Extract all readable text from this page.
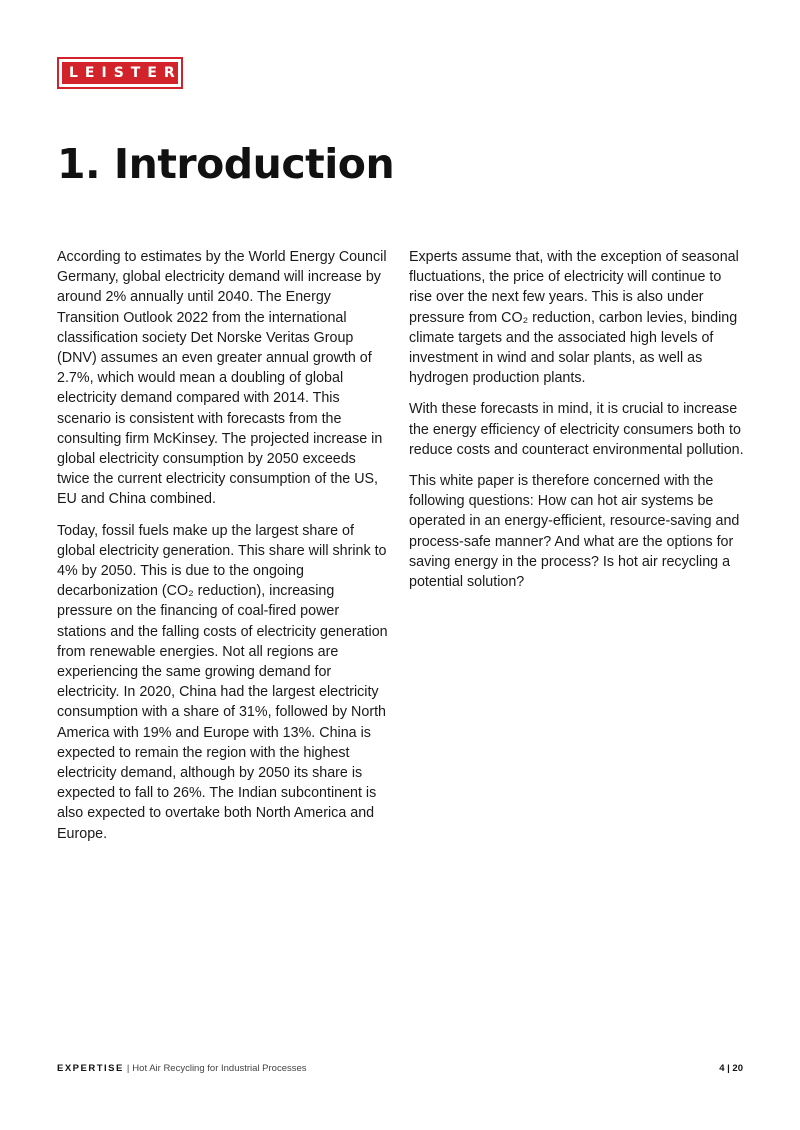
LEISTER
1. Introduction

According to estimates by the World Energy Council Germany, global electricity demand will increase by around 2% annually until 2040. The Energy Transition Outlook 2022 from the international classification society Det Norske Veritas Group (DNV) assumes an even greater annual growth of 2.7%, which would mean a doubling of global electricity demand compared with 2014. This scenario is consistent with forecasts from the consulting firm McKinsey. The projected increase in global electricity consumption by 2050 exceeds twice the current electricity consumption of the US, EU and China combined.

Today, fossil fuels make up the largest share of global electricity generation. This share will shrink to 4% by 2050. This is due to the ongoing decarbonization (CO₂ reduction), increasing pressure on the financing of coal-fired power stations and the falling costs of electricity generation from renewable energies. Not all regions are experiencing the same growing demand for electricity. In 2020, China had the largest electricity consumption with a share of 31%, followed by North America with 19% and Europe with 13%. China is expected to remain the region with the highest electricity demand, although by 2050 its share is expected to fall to 26%. The Indian subcontinent is also expected to overtake both North America and Europe.

Experts assume that, with the exception of seasonal fluctuations, the price of electricity will continue to rise over the next few years. This is also under pressure from CO₂ reduction, carbon levies, binding climate targets and the associated high levels of investment in wind and solar plants, as well as hydrogen production plants.

With these forecasts in mind, it is crucial to increase the energy efficiency of electricity consumers both to reduce costs and counteract environmental pollution.

This white paper is therefore concerned with the following questions: How can hot air systems be operated in an energy-efficient, resource-saving and process-safe manner? And what are the options for saving energy in the process? Is hot air recycling a potential solution?

EXPERTISE | Hot Air Recycling for Industrial Processes	4 | 20
